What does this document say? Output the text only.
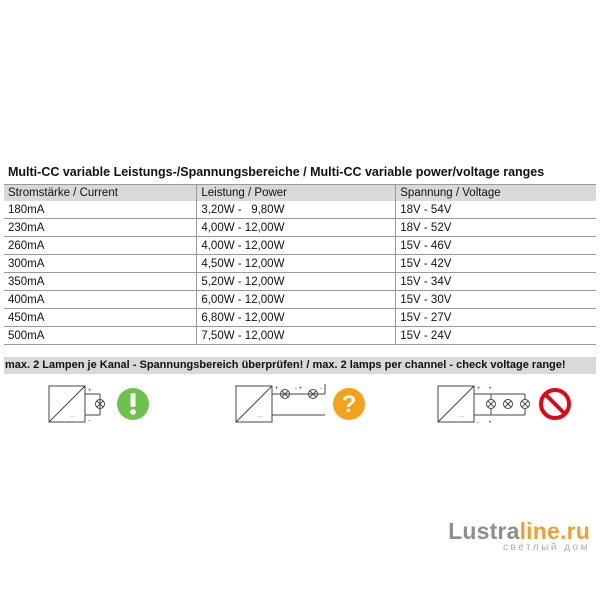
Multi-CC variable Leistungs-/Spannungsbereiche / Multi-CC variable power/voltage ranges
Stromstärke / Current	Leistung / Power	Spannung / Voltage
180mA	3,20W -   9,80W	18V - 54V
230mA	4,00W - 12,00W	18V - 52V
260mA	4,00W - 12,00W	15V - 46V
300mA	4,50W - 12,00W	15V - 42V
350mA	5,20W - 12,00W	15V - 34V
400mA	6,00W - 12,00W	15V - 30V
450mA	6,80W - 12,00W	15V - 27V
500mA	7,50W - 12,00W	15V - 24V
max. 2 Lampen je Kanal - Spannungsbereich überprüfen! / max. 2 lamps per channel - check voltage range!
~~~
+
-
~~~
+	- +	-
?	~~~
+
-
•
•
Lustraline.ru
светлый дом
